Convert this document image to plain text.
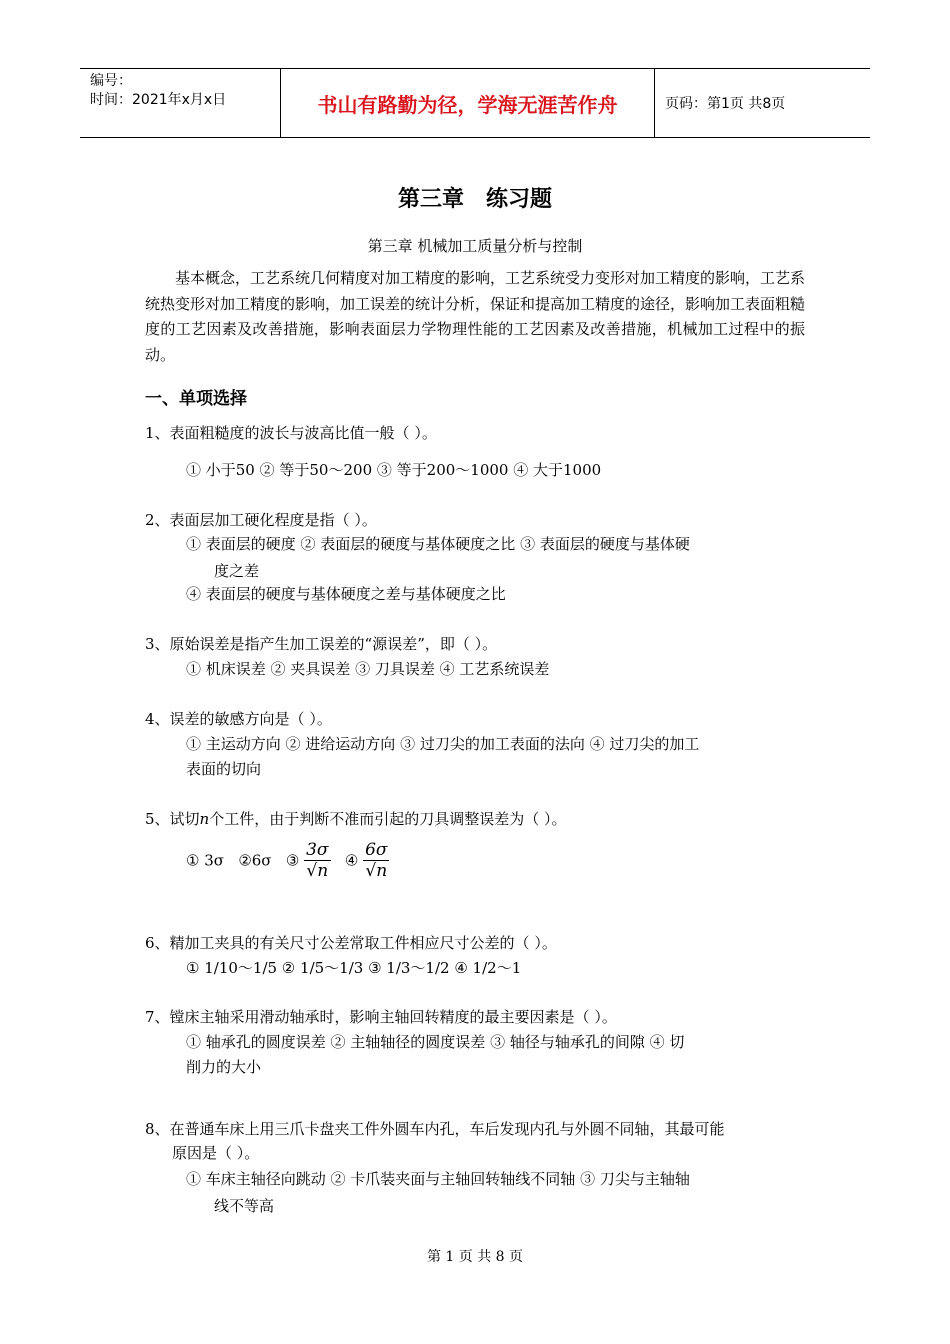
编号：
时间：2021年x月x日	书山有路勤为径，学海无涯苦作舟	页码：第1页 共8页
第三章　练习题
第三章 机械加工质量分析与控制
基本概念，工艺系统几何精度对加工精度的影响，工艺系统受力变形对加工精度的影响，工艺系统热变形对加工精度的影响，加工误差的统计分析，保证和提高加工精度的途径，影响加工表面粗糙度的工艺因素及改善措施，影响表面层力学物理性能的工艺因素及改善措施，机械加工过程中的振动。
一、单项选择
1、表面粗糙度的波长与波高比值一般（ ）。
① 小于50 ② 等于50～200 ③ 等于200～1000 ④ 大于1000
2、表面层加工硬化程度是指（ ）。
① 表面层的硬度 ② 表面层的硬度与基体硬度之比 ③ 表面层的硬度与基体硬
度之差
④ 表面层的硬度与基体硬度之差与基体硬度之比
3、原始误差是指产生加工误差的“源误差”，即（ ）。
① 机床误差 ② 夹具误差 ③ 刀具误差 ④ 工艺系统误差
4、误差的敏感方向是（ ）。
① 主运动方向 ② 进给运动方向 ③ 过刀尖的加工表面的法向 ④ 过刀尖的加工
表面的切向
5、试切n个工件，由于判断不准而引起的刀具调整误差为（ ）。
① 3σ ②6σ ③ $\frac{3\sigma}{√n}$ ④ $\frac{6\sigma}{√n}$
6、精加工夹具的有关尺寸公差常取工件相应尺寸公差的（ ）。
① 1/10～1/5 ② 1/5～1/3 ③ 1/3～1/2 ④ 1/2～1
7、镗床主轴采用滑动轴承时，影响主轴回转精度的最主要因素是（ ）。
① 轴承孔的圆度误差 ② 主轴轴径的圆度误差 ③ 轴径与轴承孔的间隙 ④ 切
削力的大小
8、在普通车床上用三爪卡盘夹工件外圆车内孔，车后发现内孔与外圆不同轴，其最可能
原因是（ ）。
① 车床主轴径向跳动 ② 卡爪装夹面与主轴回转轴线不同轴 ③ 刀尖与主轴轴
线不等高
第 1 页 共 8 页
